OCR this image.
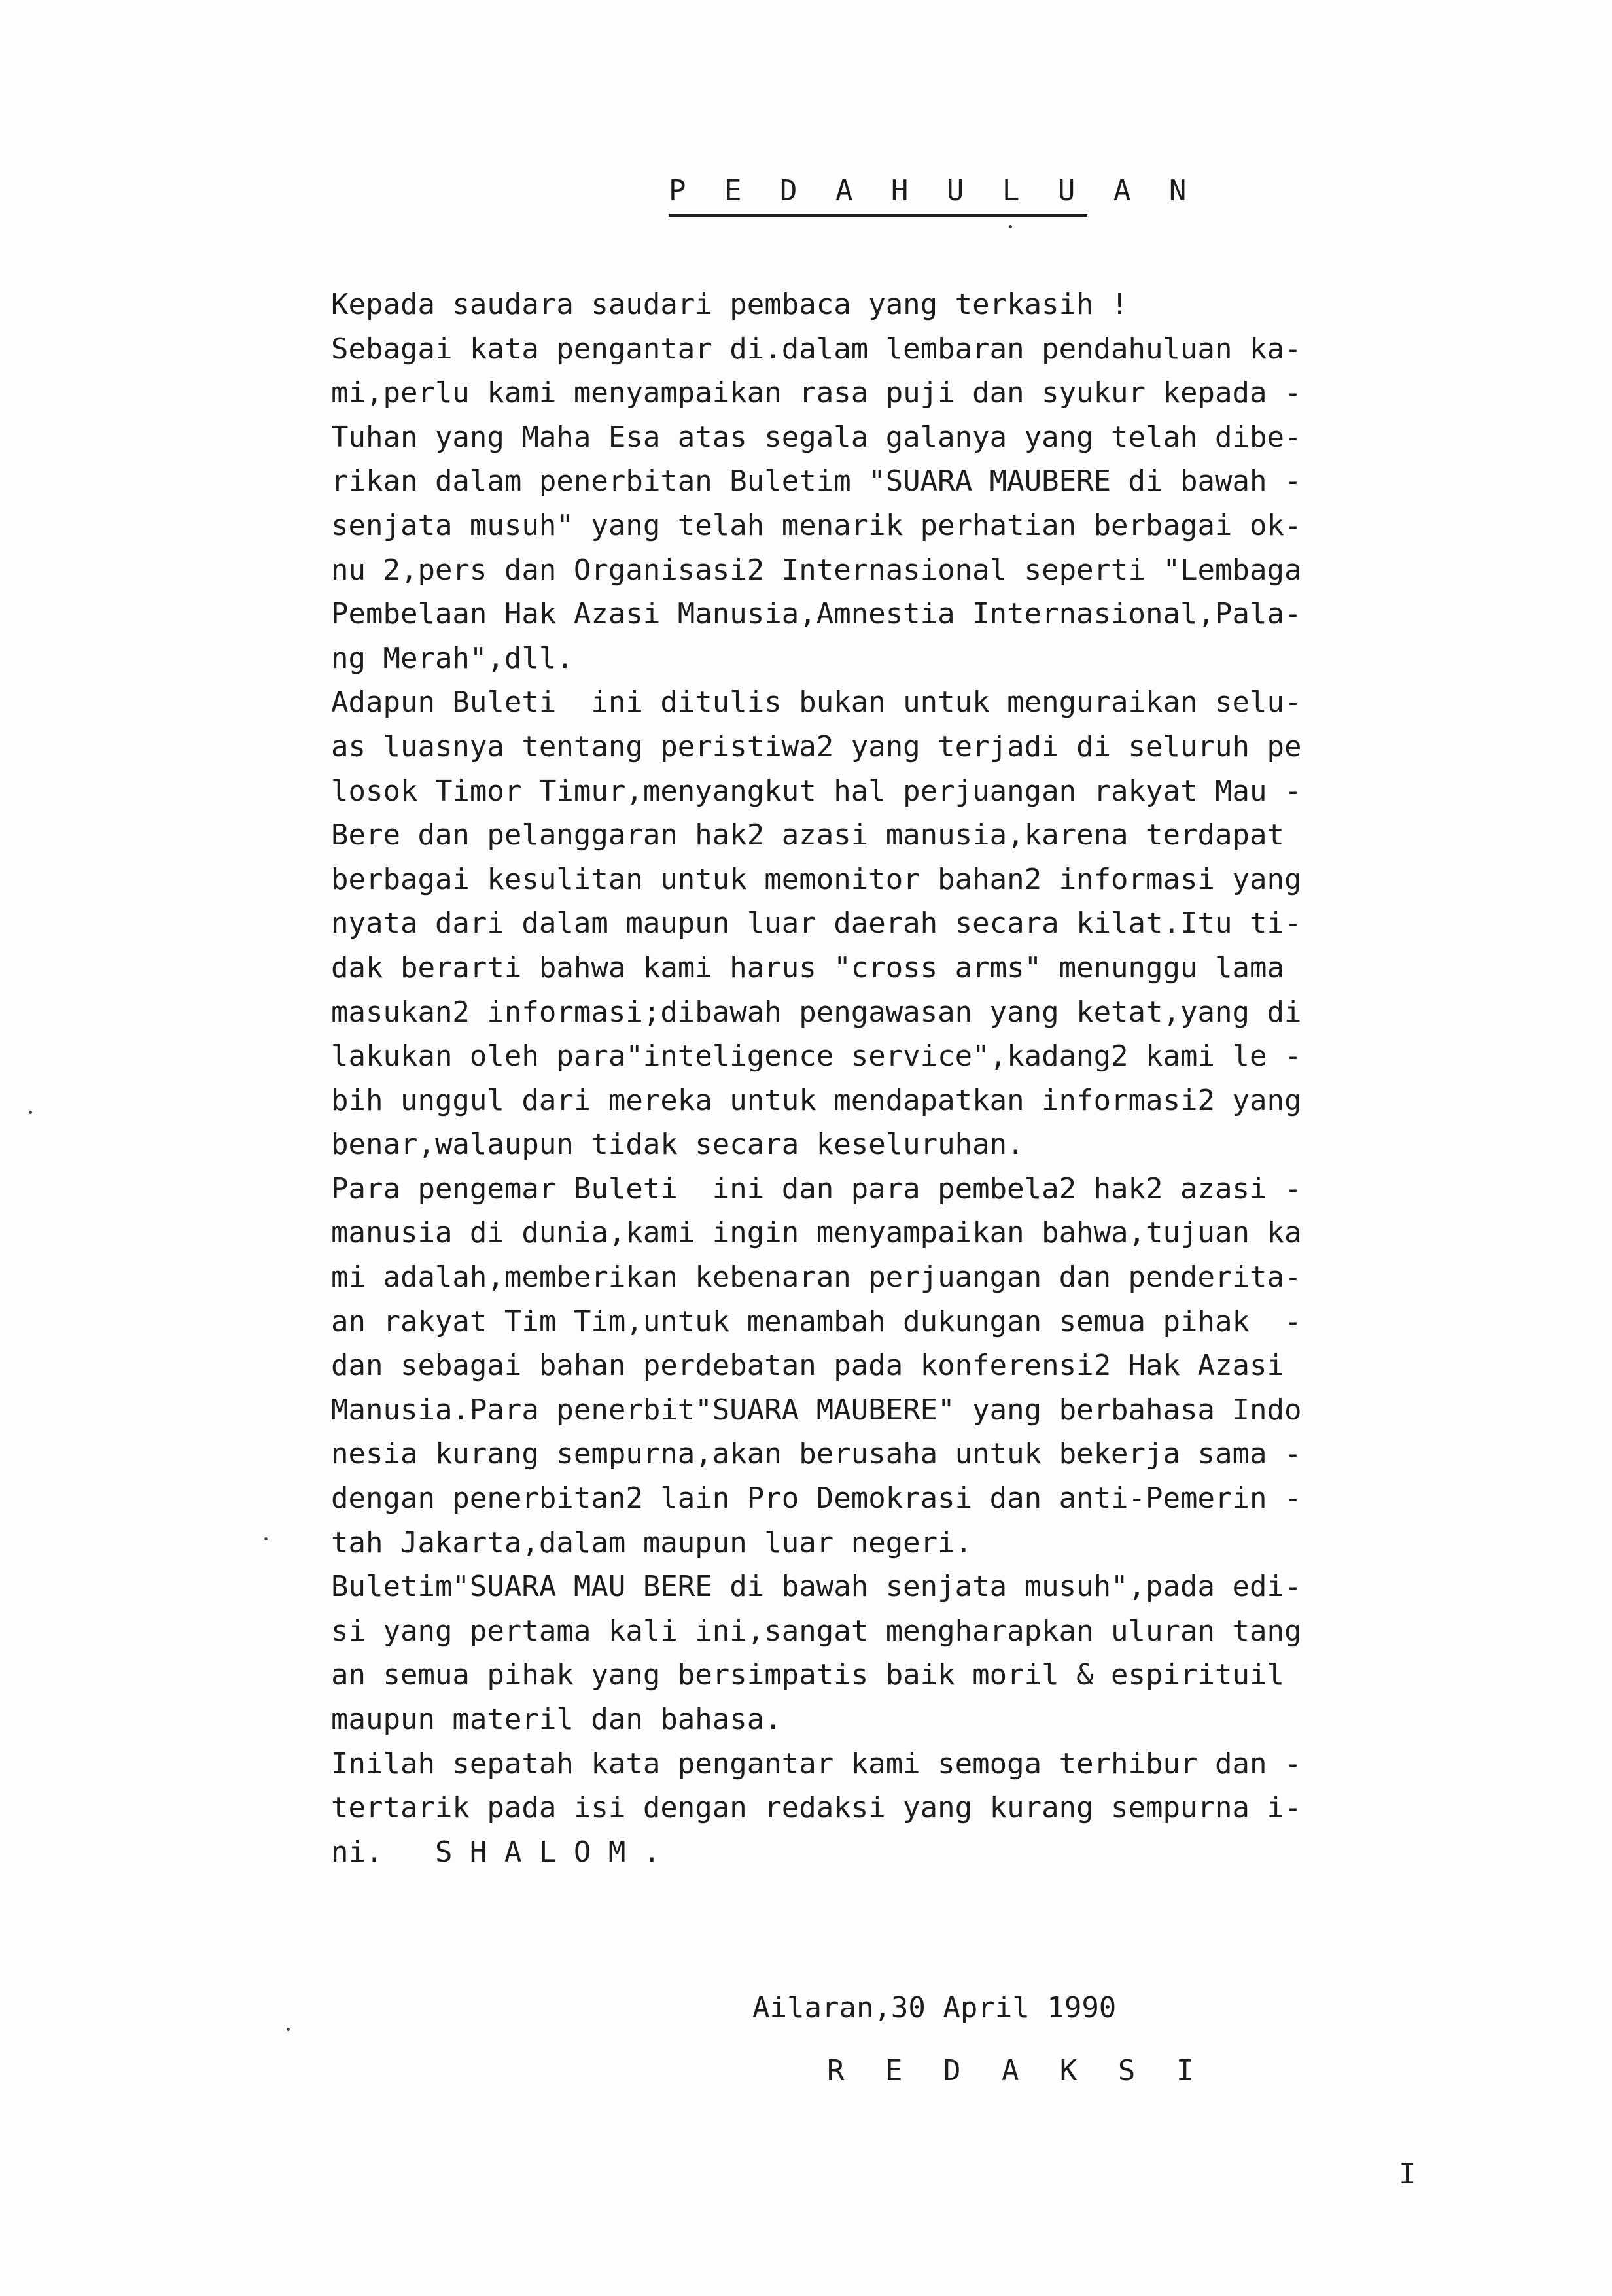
P E D A H U L U A N
Kepada saudara saudari pembaca yang terkasih !
Sebagai kata pengantar di.dalam lembaran pendahuluan ka-
mi,perlu kami menyampaikan rasa puji dan syukur kepada -
Tuhan yang Maha Esa atas segala galanya yang telah dibe-
rikan dalam penerbitan Buletim "SUARA MAUBERE di bawah -
senjata musuh" yang telah menarik perhatian berbagai ok-
nu 2,pers dan Organisasi2 Internasional seperti "Lembaga
Pembelaan Hak Azasi Manusia,Amnestia Internasional,Pala-
ng Merah",dll.
Adapun Buleti  ini ditulis bukan untuk menguraikan selu-
as luasnya tentang peristiwa2 yang terjadi di seluruh pe
losok Timor Timur,menyangkut hal perjuangan rakyat Mau -
Bere dan pelanggaran hak2 azasi manusia,karena terdapat
berbagai kesulitan untuk memonitor bahan2 informasi yang
nyata dari dalam maupun luar daerah secara kilat.Itu ti-
dak berarti bahwa kami harus "cross arms" menunggu lama
masukan2 informasi;dibawah pengawasan yang ketat,yang di
lakukan oleh para"inteligence service",kadang2 kami le -
bih unggul dari mereka untuk mendapatkan informasi2 yang
benar,walaupun tidak secara keseluruhan.
Para pengemar Buleti  ini dan para pembela2 hak2 azasi -
manusia di dunia,kami ingin menyampaikan bahwa,tujuan ka
mi adalah,memberikan kebenaran perjuangan dan penderita-
an rakyat Tim Tim,untuk menambah dukungan semua pihak  -
dan sebagai bahan perdebatan pada konferensi2 Hak Azasi
Manusia.Para penerbit"SUARA MAUBERE" yang berbahasa Indo
nesia kurang sempurna,akan berusaha untuk bekerja sama -
dengan penerbitan2 lain Pro Demokrasi dan anti-Pemerin -
tah Jakarta,dalam maupun luar negeri.
Buletim"SUARA MAU BERE di bawah senjata musuh",pada edi-
si yang pertama kali ini,sangat mengharapkan uluran tang
an semua pihak yang bersimpatis baik moril & espirituil
maupun materil dan bahasa.
Inilah sepatah kata pengantar kami semoga terhibur dan -
tertarik pada isi dengan redaksi yang kurang sempurna i-
ni.   S H A L O M .
Ailaran,30 April 1990
R E D A K S I
I
